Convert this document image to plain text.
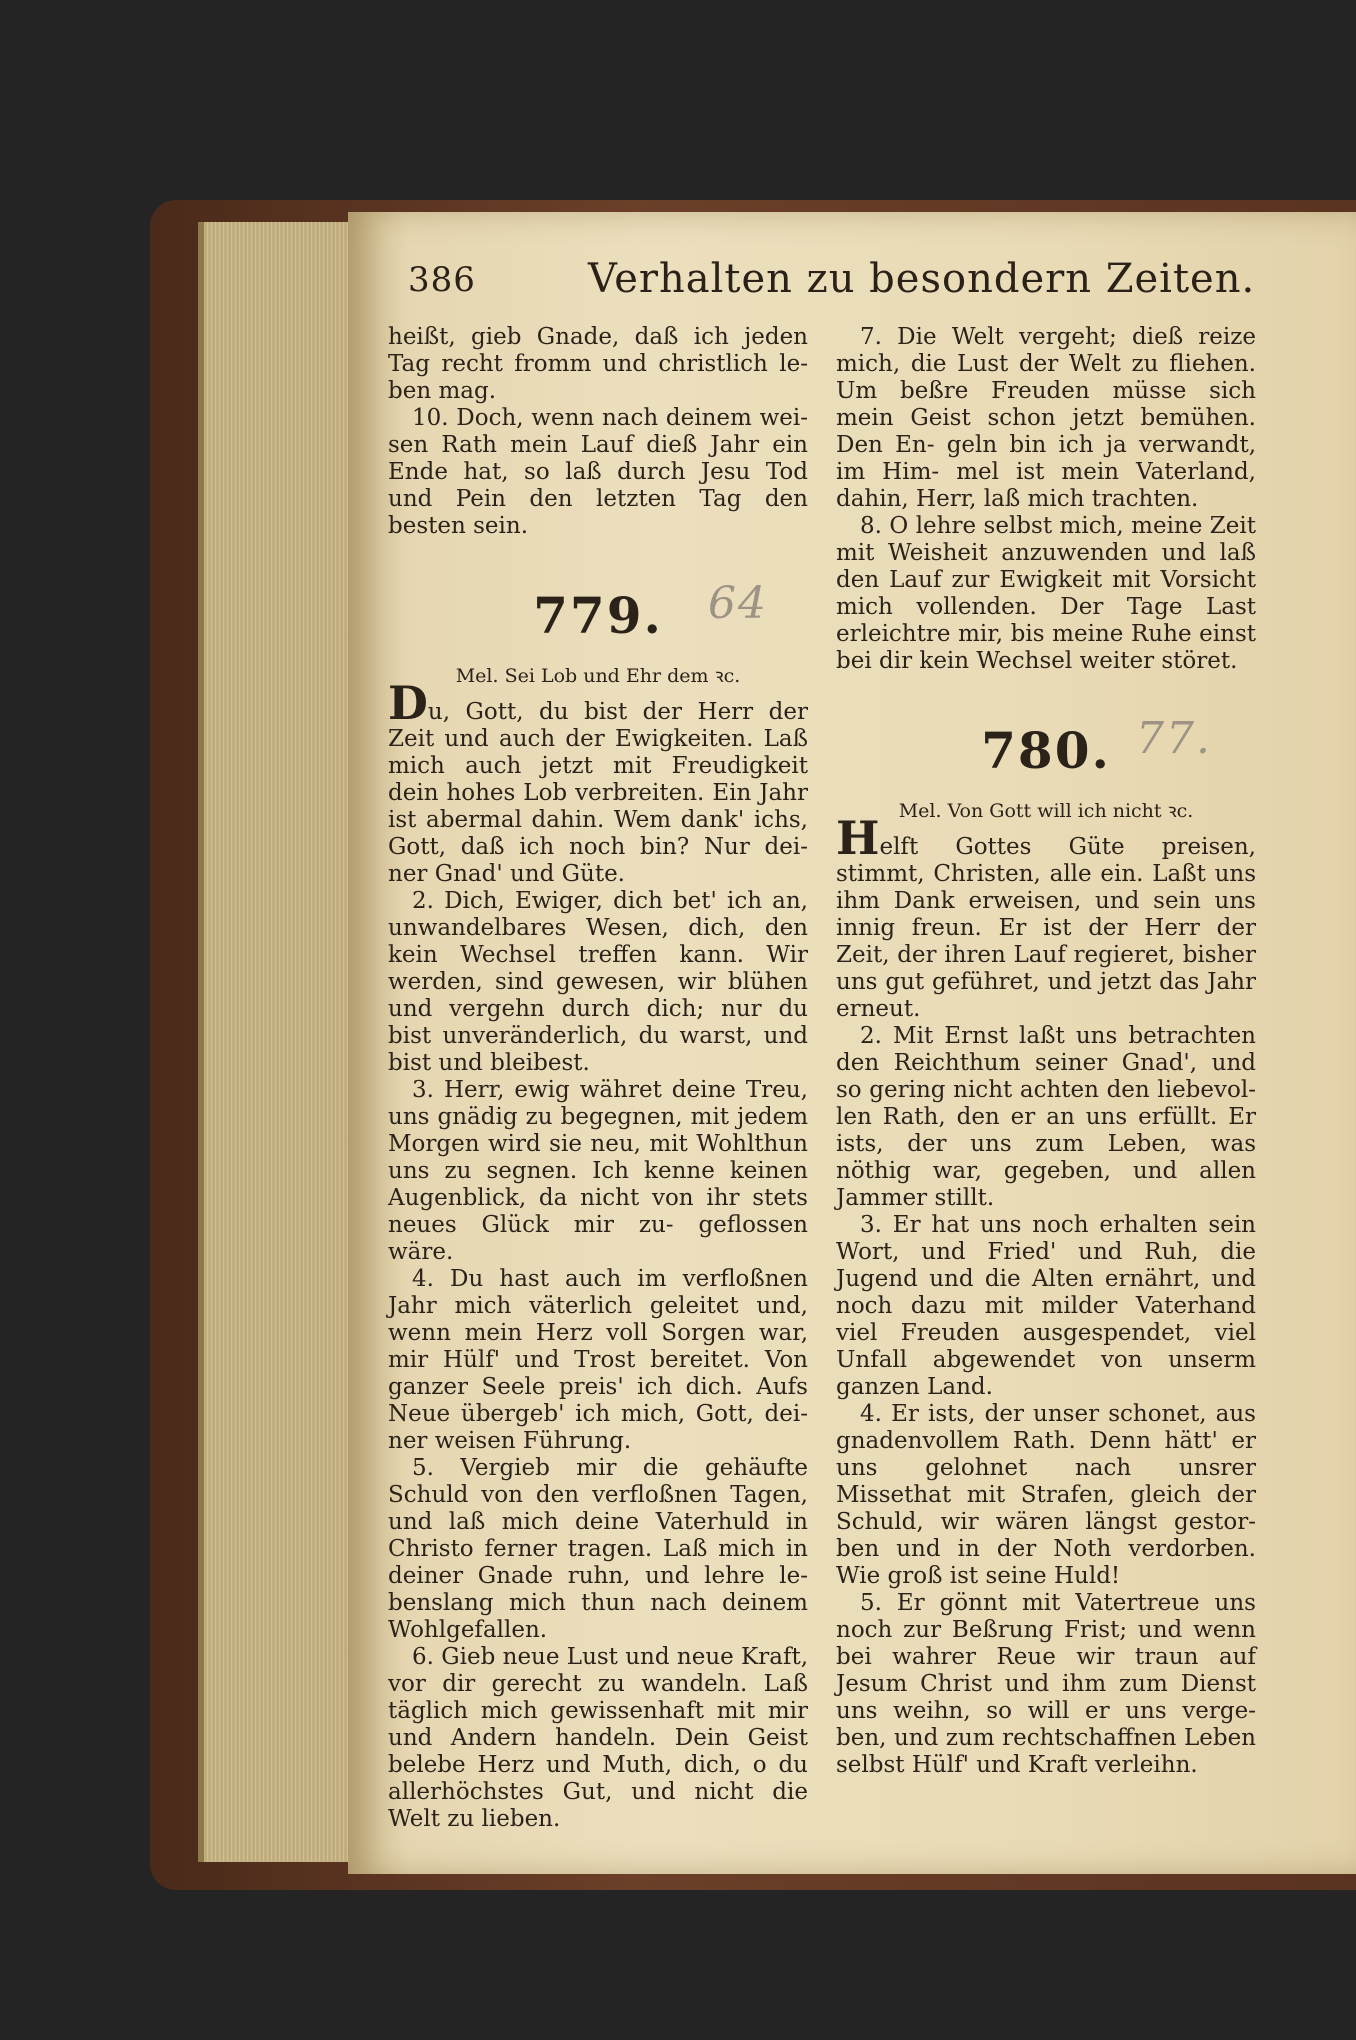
386	Verhalten zu besondern Zeiten.

heißt, gieb Gnade, daß ich jeden Tag recht fromm und christlich le- ben mag.

10. Doch, wenn nach deinem wei- sen Rath mein Lauf dieß Jahr ein Ende hat, so laß durch Jesu Tod und Pein den letzten Tag den besten sein.

779. 64

Mel. Sei Lob und Ehr dem ꝛc.

Du, Gott, du bist der Herr der Zeit und auch der Ewigkeiten. Laß mich auch jetzt mit Freudigkeit dein hohes Lob verbreiten. Ein Jahr ist abermal dahin. Wem dank' ichs, Gott, daß ich noch bin? Nur dei- ner Gnad' und Güte.

2. Dich, Ewiger, dich bet' ich an, unwandelbares Wesen, dich, den kein Wechsel treffen kann. Wir werden, sind gewesen, wir blühen und vergehn durch dich; nur du bist unveränderlich, du warst, und bist und bleibest.

3. Herr, ewig währet deine Treu, uns gnädig zu begegnen, mit jedem Morgen wird sie neu, mit Wohlthun uns zu segnen. Ich kenne keinen Augenblick, da nicht von ihr stets neues Glück mir zu- geflossen wäre.

4. Du hast auch im verfloßnen Jahr mich väterlich geleitet und, wenn mein Herz voll Sorgen war, mir Hülf' und Trost bereitet. Von ganzer Seele preis' ich dich. Aufs Neue übergeb' ich mich, Gott, dei- ner weisen Führung.

5. Vergieb mir die gehäufte Schuld von den verfloßnen Tagen, und laß mich deine Vaterhuld in Christo ferner tragen. Laß mich in deiner Gnade ruhn, und lehre le- benslang mich thun nach deinem Wohlgefallen.

6. Gieb neue Lust und neue Kraft, vor dir gerecht zu wandeln. Laß täglich mich gewissenhaft mit mir und Andern handeln. Dein Geist belebe Herz und Muth, dich, o du allerhöchstes Gut, und nicht die Welt zu lieben.

7. Die Welt vergeht; dieß reize mich, die Lust der Welt zu fliehen. Um beßre Freuden müsse sich mein Geist schon jetzt bemühen. Den En- geln bin ich ja verwandt, im Him- mel ist mein Vaterland, dahin, Herr, laß mich trachten.

8. O lehre selbst mich, meine Zeit mit Weisheit anzuwenden und laß den Lauf zur Ewigkeit mit Vorsicht mich vollenden. Der Tage Last erleichtre mir, bis meine Ruhe einst bei dir kein Wechsel weiter störet.

780. 77.

Mel. Von Gott will ich nicht ꝛc.

Helft Gottes Güte preisen, stimmt, Christen, alle ein. Laßt uns ihm Dank erweisen, und sein uns innig freun. Er ist der Herr der Zeit, der ihren Lauf regieret, bisher uns gut geführet, und jetzt das Jahr erneut.

2. Mit Ernst laßt uns betrachten den Reichthum seiner Gnad', und so gering nicht achten den liebevol- len Rath, den er an uns erfüllt. Er ists, der uns zum Leben, was nöthig war, gegeben, und allen Jammer stillt.

3. Er hat uns noch erhalten sein Wort, und Fried' und Ruh, die Jugend und die Alten ernährt, und noch dazu mit milder Vaterhand viel Freuden ausgespendet, viel Unfall abgewendet von unserm ganzen Land.

4. Er ists, der unser schonet, aus gnadenvollem Rath. Denn hätt' er uns gelohnet nach unsrer Missethat mit Strafen, gleich der Schuld, wir wären längst gestor- ben und in der Noth verdorben. Wie groß ist seine Huld!

5. Er gönnt mit Vatertreue uns noch zur Beßrung Frist; und wenn bei wahrer Reue wir traun auf Jesum Christ und ihm zum Dienst uns weihn, so will er uns verge- ben, und zum rechtschaffnen Leben selbst Hülf' und Kraft verleihn.
